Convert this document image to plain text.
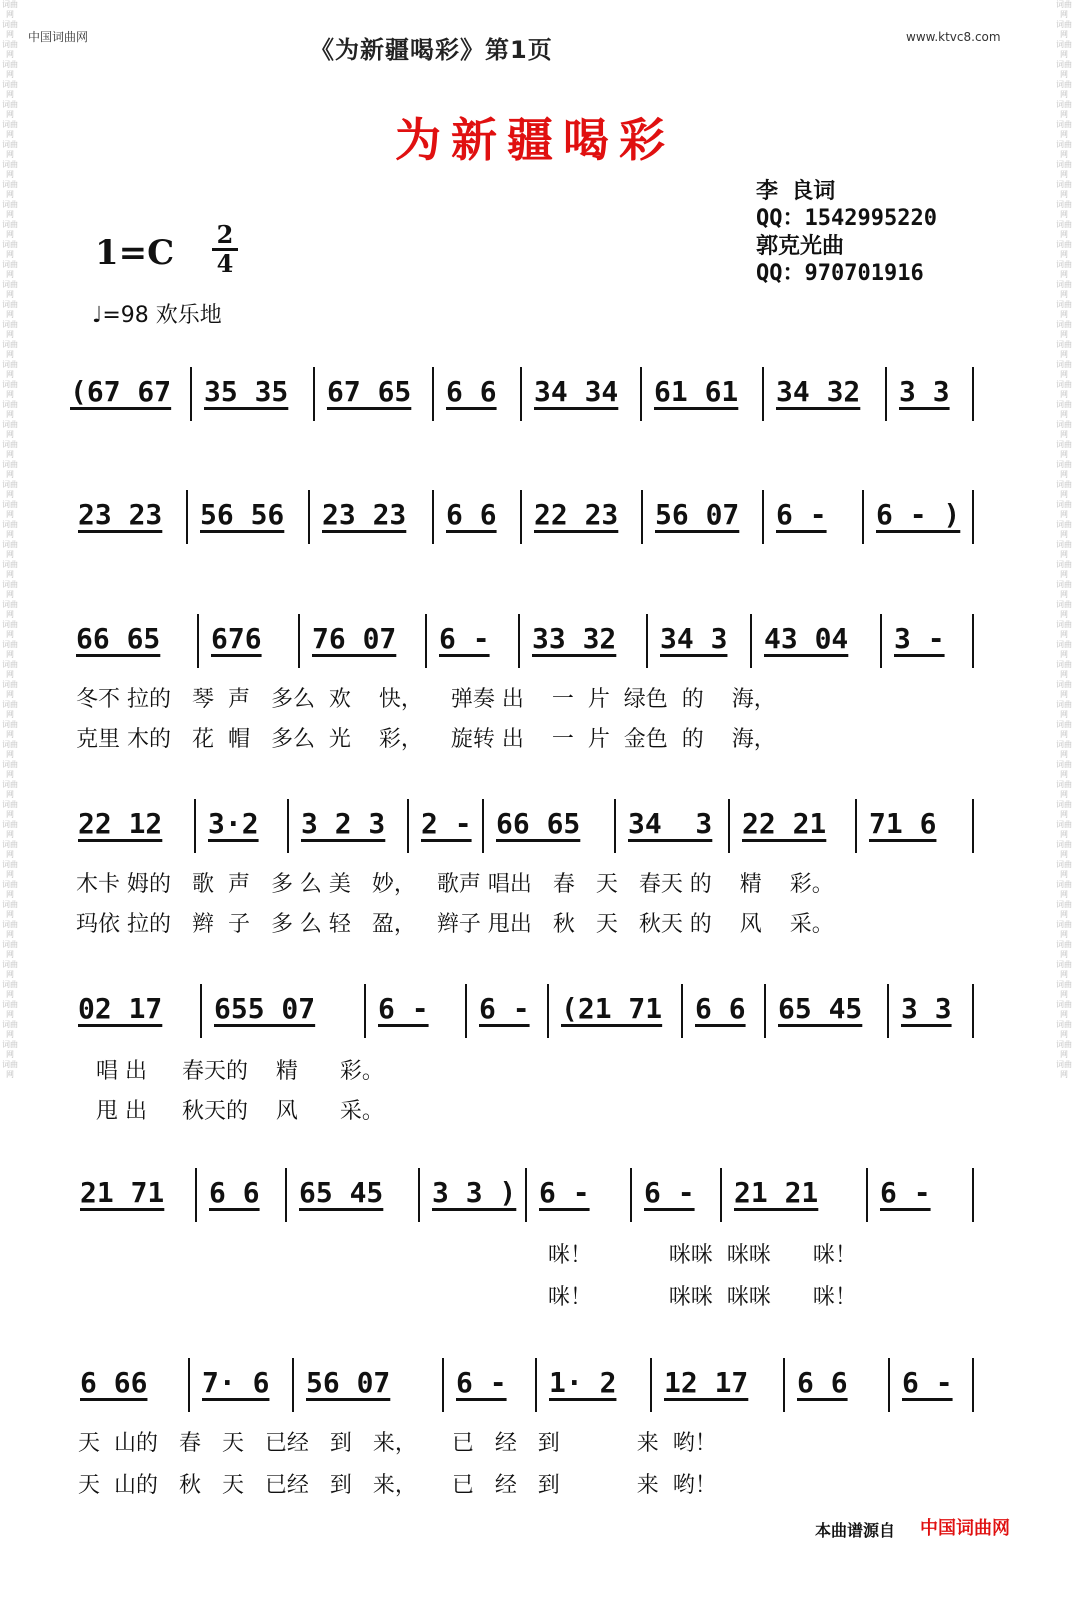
词曲网
词曲网
词曲网
词曲网
词曲网
词曲网
词曲网
词曲网
词曲网
词曲网
词曲网
词曲网
词曲网
词曲网
词曲网
词曲网
词曲网
词曲网
词曲网
词曲网
词曲网
词曲网
词曲网
词曲网
词曲网
词曲网
词曲网
词曲网
词曲网
词曲网
词曲网
词曲网
词曲网
词曲网
词曲网
词曲网
词曲网
词曲网
词曲网
词曲网
词曲网
词曲网
词曲网
词曲网
词曲网
词曲网
词曲网
词曲网
词曲网
词曲网
词曲网
词曲网
词曲网
词曲网
词曲网
词曲网
词曲网
词曲网
词曲网
词曲网
词曲网
词曲网
词曲网
词曲网
词曲网
词曲网
词曲网
词曲网
词曲网
词曲网
词曲网
词曲网
词曲网
词曲网
词曲网
词曲网
词曲网
词曲网
词曲网
词曲网
词曲网
词曲网
词曲网
词曲网
词曲网
词曲网
词曲网
词曲网
词曲网
词曲网
词曲网
词曲网
词曲网
词曲网
词曲网
词曲网
词曲网
词曲网
词曲网
词曲网
词曲网
词曲网
词曲网
词曲网
词曲网
词曲网
词曲网
词曲网
中国词曲网	www.ktvc8.com
《为新疆喝彩》第1页
为新疆喝彩
李 良词
QQ：1542995220
郭克光曲
QQ：970701916
1=C 2
4
♩=98 欢乐地
(67 67 35 35 67 65 6 6 34 34 61 61 34 32 3 3
23 23 56 56 23 23 6 6 22 23 56 07 6 - 6 - )
66 65 676 76 07 6 - 33 32 34 3 43 04 3 -
22 12 3·2 3 2 3 2 - 66 65 34  3 22 21 71 6
02 17 655 07 6 - 6 - (21 71 6 6 65 45 3 3
21 71 6 6 65 45 3 3 ) 6 - 6 - 21 21 6 -
6 66 7· 6 56 07 6 - 1· 2 12 17 6 6 6 -
冬不 拉的   琴  声   多么  欢    快，    弹奏 出    一  片  绿色  的    海，
克里 木的   花  帽   多么  光    彩，    旋转 出    一  片  金色  的    海，
木卡 姆的   歌  声   多 么 美   妙，   歌声 唱出   春   天   春天 的    精    彩。
玛依 拉的   辫  子   多 么 轻   盈，   辫子 甩出   秋   天   秋天 的    风    采。
唱 出     春天的    精      彩。
甩 出     秋天的    风      采。
咪！           咪咪  咪咪      咪！
咪！           咪咪  咪咪      咪！
天  山的   春   天   已经   到   来，     已   经   到           来  哟！
天  山的   秋   天   已经   到   来，     已   经   到           来  哟！
本曲谱源自 中国词曲网
